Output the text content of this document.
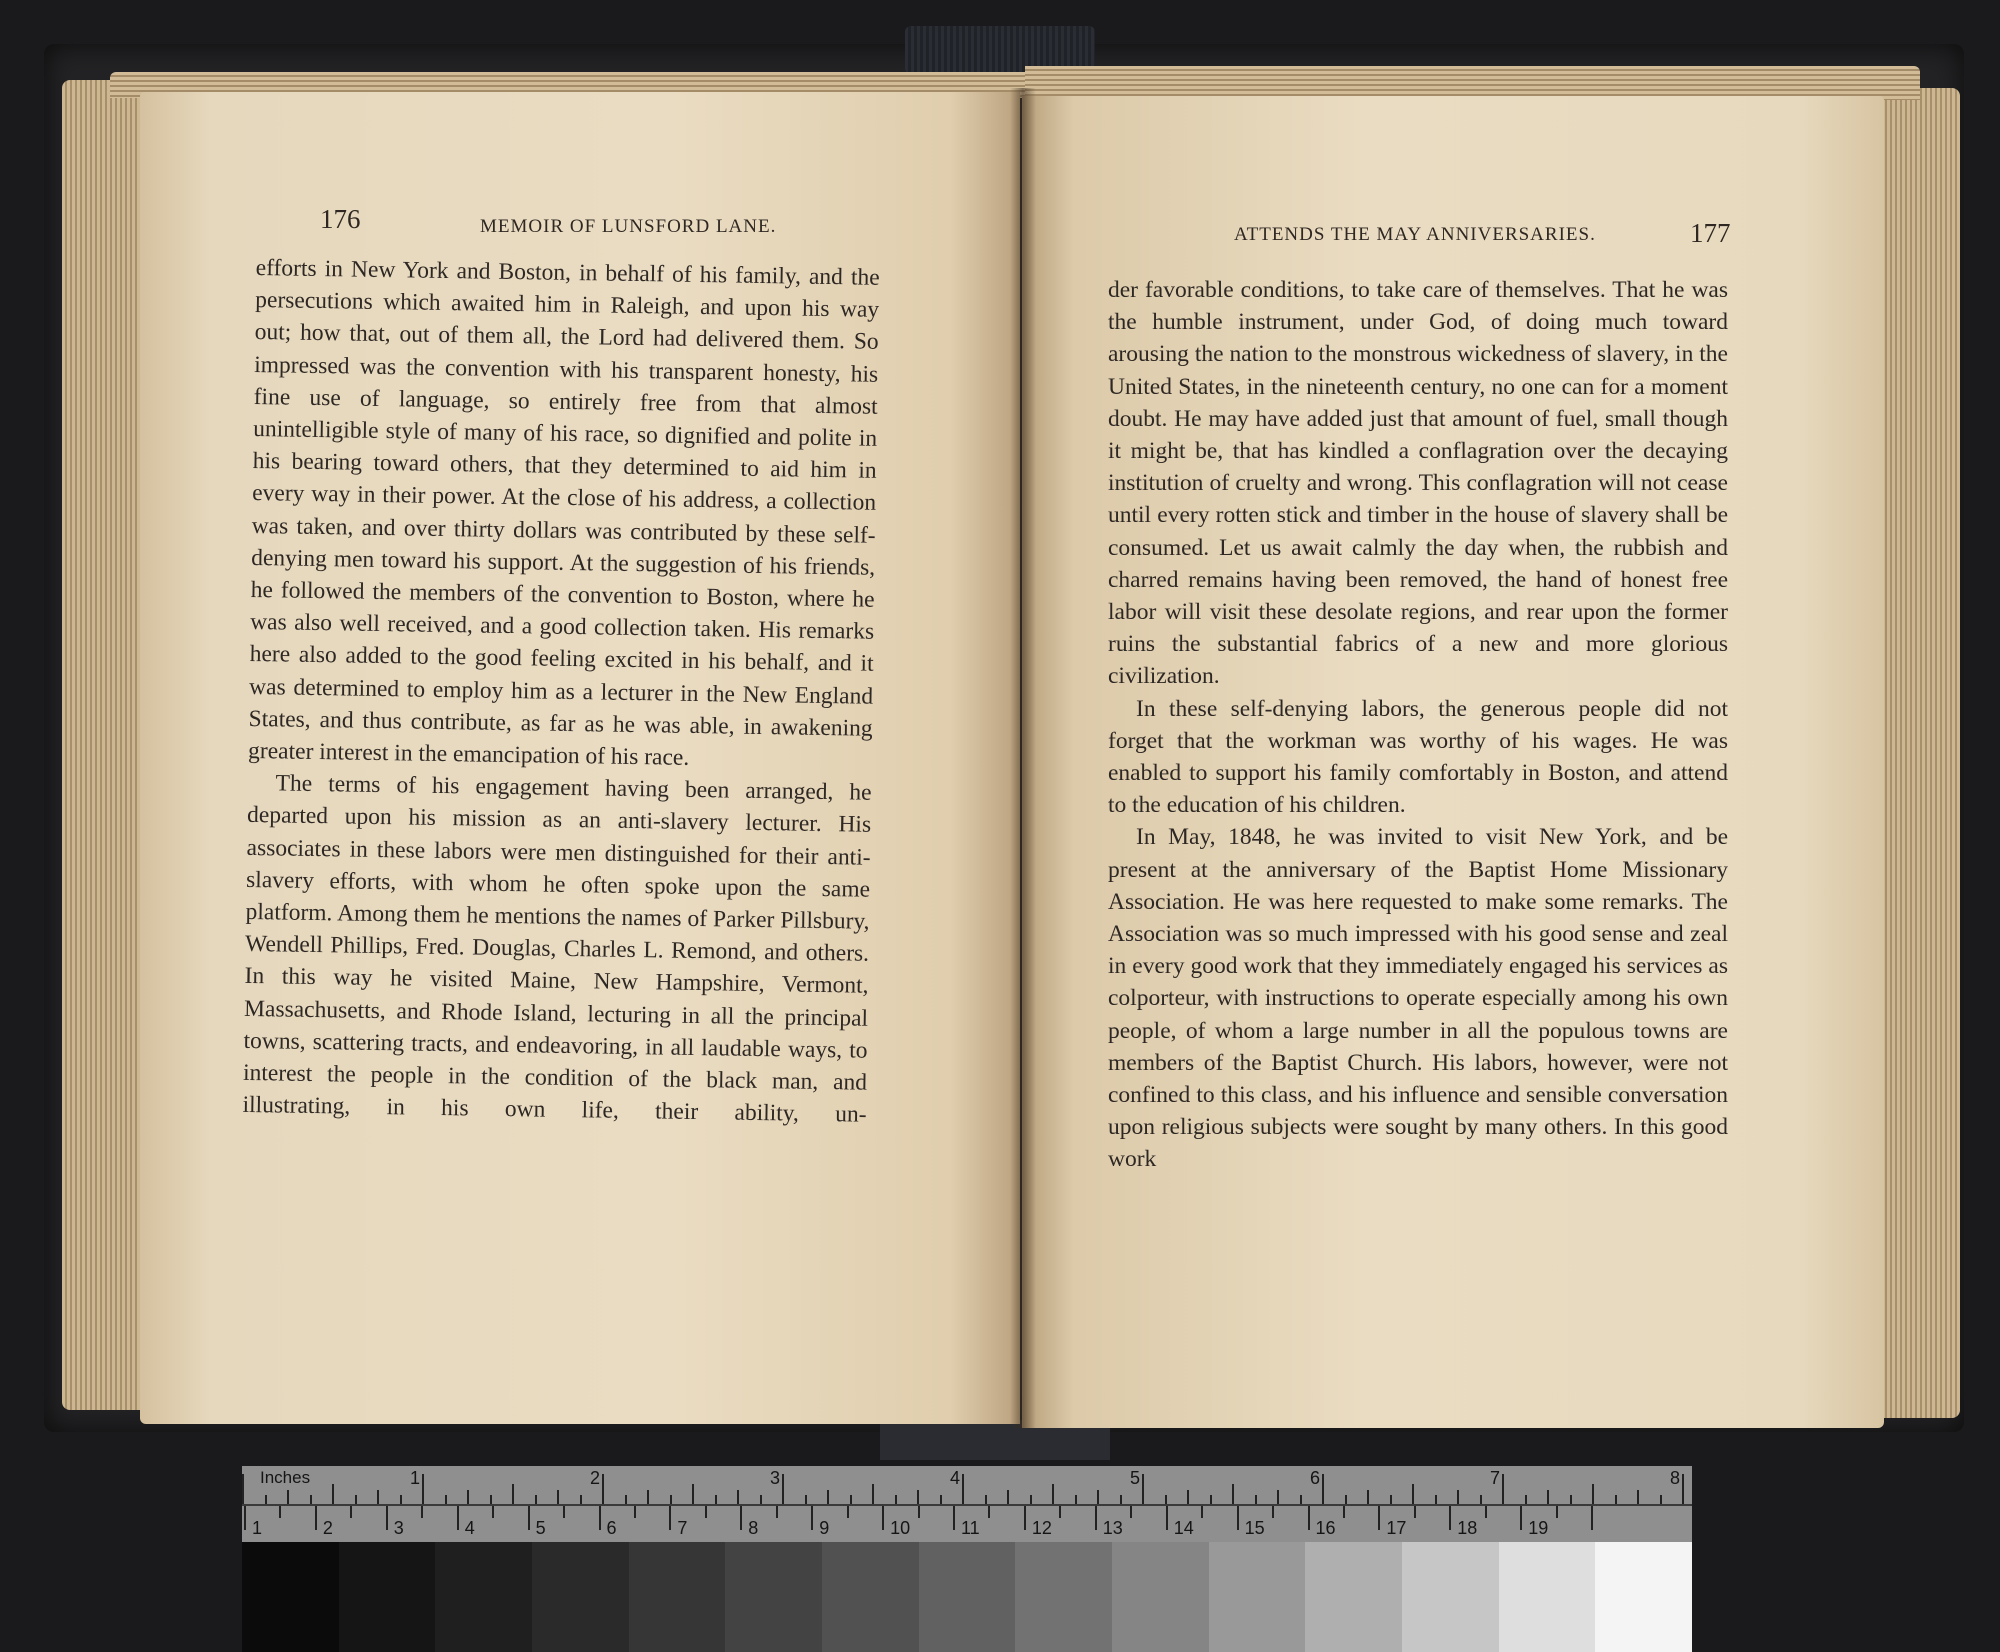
176	MEMOIR OF LUNSFORD LANE.

efforts in New York and Boston, in behalf of his family, and the persecutions which awaited him in Raleigh, and upon his way out; how that, out of them all, the Lord had delivered them. So impressed was the convention with his transparent honesty, his fine use of language, so entirely free from that almost unintelligible style of many of his race, so dignified and polite in his bearing toward others, that they determined to aid him in every way in their power. At the close of his address, a collection was taken, and over thirty dollars was contributed by these self-denying men toward his support. At the suggestion of his friends, he followed the members of the convention to Boston, where he was also well received, and a good collection taken. His remarks here also added to the good feeling excited in his behalf, and it was determined to employ him as a lecturer in the New England States, and thus contribute, as far as he was able, in awakening greater interest in the emancipation of his race.

The terms of his engagement having been arranged, he departed upon his mission as an anti-slavery lecturer. His associates in these labors were men distinguished for their anti-slavery efforts, with whom he often spoke upon the same platform. Among them he mentions the names of Parker Pillsbury, Wendell Phillips, Fred. Douglas, Charles L. Remond, and others. In this way he visited Maine, New Hampshire, Vermont, Massachusetts, and Rhode Island, lecturing in all the principal towns, scattering tracts, and endeavoring, in all laudable ways, to interest the people in the condition of the black man, and illustrating, in his own life, their ability, un-

ATTENDS THE MAY ANNIVERSARIES.	177

der favorable conditions, to take care of themselves. That he was the humble instrument, under God, of doing much toward arousing the nation to the monstrous wickedness of slavery, in the United States, in the nineteenth century, no one can for a moment doubt. He may have added just that amount of fuel, small though it might be, that has kindled a conflagration over the decaying institution of cruelty and wrong. This conflagration will not cease until every rotten stick and timber in the house of slavery shall be consumed. Let us await calmly the day when, the rubbish and charred remains having been removed, the hand of honest free labor will visit these desolate regions, and rear upon the former ruins the substantial fabrics of a new and more glorious civilization.

In these self-denying labors, the generous people did not forget that the workman was worthy of his wages. He was enabled to support his family comfortably in Boston, and attend to the education of his children.

In May, 1848, he was invited to visit New York, and be present at the anniversary of the Baptist Home Missionary Association. He was here requested to make some remarks. The Association was so much impressed with his good sense and zeal in every good work that they immediately engaged his services as colporteur, with instructions to operate especially among his own people, of whom a large number in all the populous towns are members of the Baptist Church. His labors, however, were not confined to this class, and his influence and sensible conversation upon religious subjects were sought by many others. In this good work

Inches	1	2	3	4	5	6	7	8
1	2	3	4	5	6	7	8	9	10	11	12	13	14	15	16	17	18	19
